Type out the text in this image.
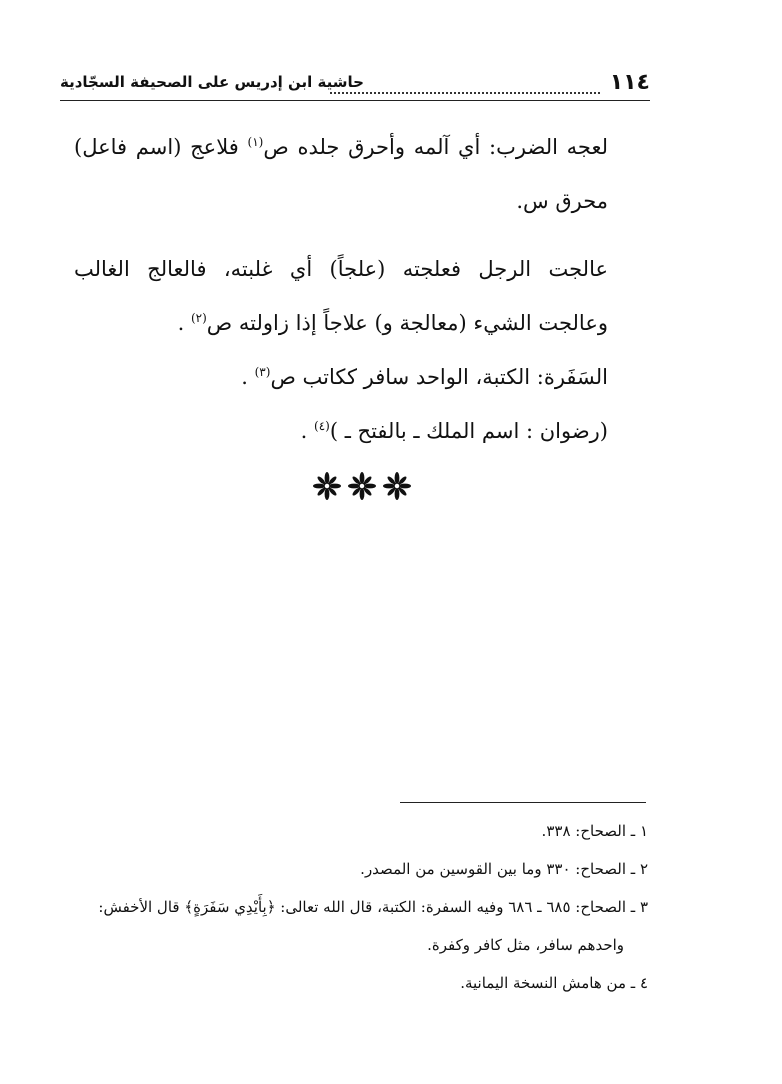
١١٤
حاشية ابن إدريس على الصحيفة السجّادية

لعجه الضرب: أي آلمه وأحرق جلده ص$^{(١)}$ فلاعج (اسم فاعل) محرق س.

عالجت الرجل فعلجته (علجاً) أي غلبته، فالعالج الغالب وعالجت الشيء (معالجة و) علاجاً إذا زاولته ص$^{(٢)}$ .

السَفَرة: الكتبة، الواحد سافر ككاتب ص$^{(٣)}$ .

(رضوان : اسم الملك ـ بالفتح ـ )$^{(٤)}$ .

١ ـ الصحاح: ٣٣٨.

٢ ـ الصحاح: ٣٣٠ وما بين القوسين من المصدر.

٣ ـ الصحاح: ٦٨٥ ـ ٦٨٦ وفيه السفرة: الكتبة، قال الله تعالى: ﴿بِأَيْدِي سَفَرَةٍ﴾ قال الأخفش:

واحدهم سافر، مثل كافر وكفرة.

٤ ـ من هامش النسخة اليمانية.
